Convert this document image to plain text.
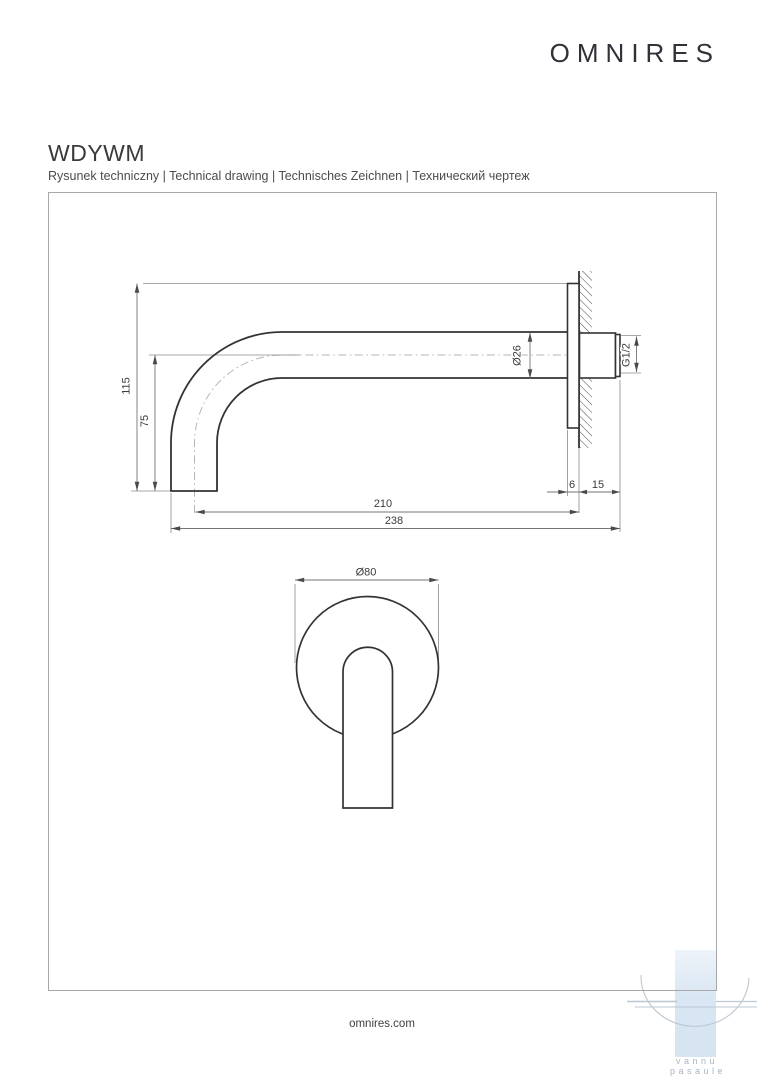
OMNIRES
WDYWM
Rysunek techniczny | Technical drawing | Technisches Zeichnen | Технический чертеж
115
75
Ø26	G1/2
6 15
210
238
Ø80
vannu
pasaule
omnires.com
